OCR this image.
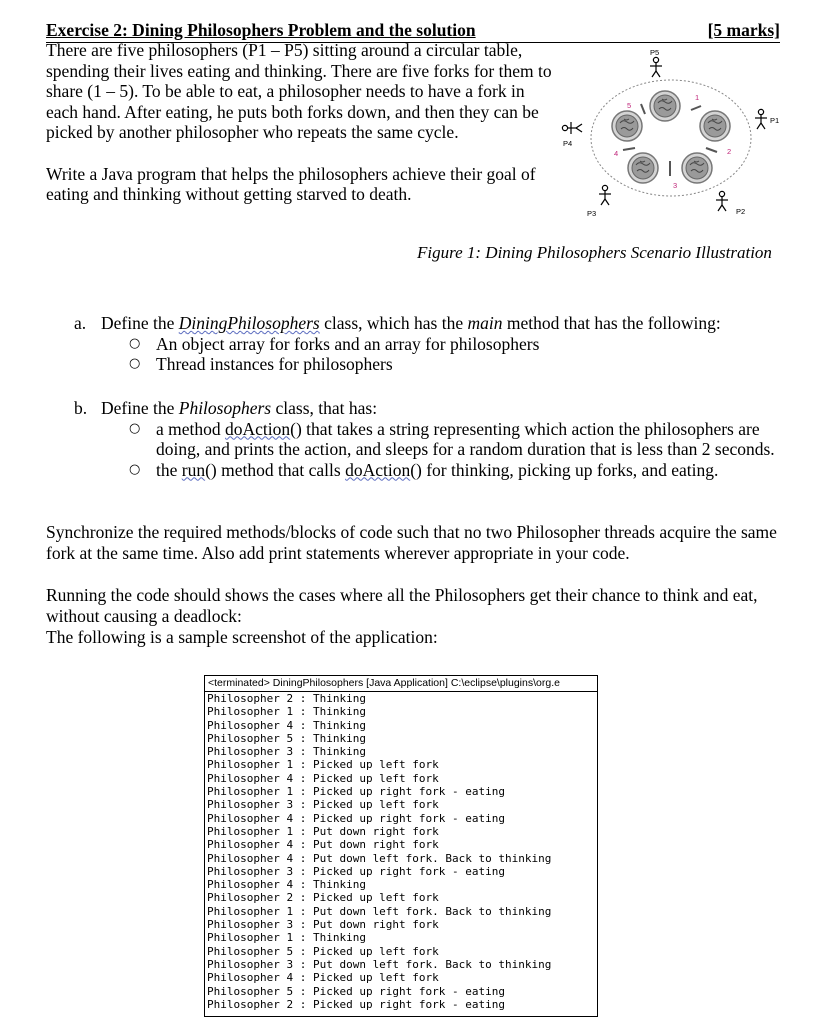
Exercise 2: Dining Philosophers Problem and the solution	[5 marks]

There are five philosophers (P1 – P5) sitting around a circular table, spending their lives eating and thinking. There are five forks for them to share (1 – 5). To be able to eat, a philosopher needs to have a fork in each hand. After eating, he puts both forks down, and then they can be picked by another philosopher who repeats the same cycle.

Write a Java program that helps the philosophers achieve their goal of eating and thinking without getting starved to death.

1
2
3
4
5
P5
P1
P2
P3
P4
Figure 1: Dining Philosophers Scenario Illustration
a. Define the DiningPhilosophers class, which has the main method that has the following:
○ An object array for forks and an array for philosophers
○ Thread instances for philosophers
b. Define the Philosophers class, that has:
○ a method doAction() that takes a string representing which action the philosophers are doing, and prints the action, and sleeps for a random duration that is less than 2 seconds.
○ the run() method that calls doAction() for thinking, picking up forks, and eating.
Synchronize the required methods/blocks of code such that no two Philosopher threads acquire the same fork at the same time. Also add print statements wherever appropriate in your code.
Running the code should shows the cases where all the Philosophers get their chance to think and eat, without causing a deadlock:
The following is a sample screenshot of the application:
<terminated> DiningPhilosophers [Java Application] C:\eclipse\plugins\org.e
Philosopher 2 : Thinking
Philosopher 1 : Thinking
Philosopher 4 : Thinking
Philosopher 5 : Thinking
Philosopher 3 : Thinking
Philosopher 1 : Picked up left fork
Philosopher 4 : Picked up left fork
Philosopher 1 : Picked up right fork - eating
Philosopher 3 : Picked up left fork
Philosopher 4 : Picked up right fork - eating
Philosopher 1 : Put down right fork
Philosopher 4 : Put down right fork
Philosopher 4 : Put down left fork. Back to thinking
Philosopher 3 : Picked up right fork - eating
Philosopher 4 : Thinking
Philosopher 2 : Picked up left fork
Philosopher 1 : Put down left fork. Back to thinking
Philosopher 3 : Put down right fork
Philosopher 1 : Thinking
Philosopher 5 : Picked up left fork
Philosopher 3 : Put down left fork. Back to thinking
Philosopher 4 : Picked up left fork
Philosopher 5 : Picked up right fork - eating
Philosopher 2 : Picked up right fork - eating
